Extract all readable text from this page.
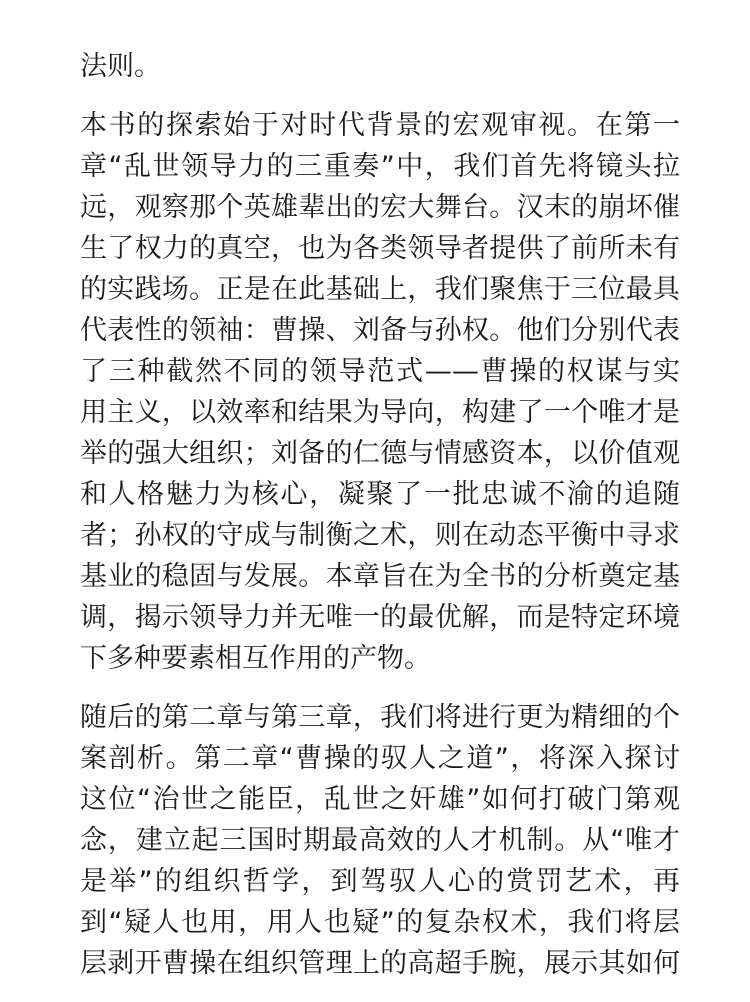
法则。
本书的探索始于对时代背景的宏观审视。在第一
章“乱世领导力的三重奏”中，我们首先将镜头拉
远，观察那个英雄辈出的宏大舞台。汉末的崩坏催
生了权力的真空，也为各类领导者提供了前所未有
的实践场。正是在此基础上，我们聚焦于三位最具
代表性的领袖：曹操、刘备与孙权。他们分别代表
了三种截然不同的领导范式——曹操的权谋与实
用主义，以效率和结果为导向，构建了一个唯才是
举的强大组织；刘备的仁德与情感资本，以价值观
和人格魅力为核心，凝聚了一批忠诚不渝的追随
者；孙权的守成与制衡之术，则在动态平衡中寻求
基业的稳固与发展。本章旨在为全书的分析奠定基
调，揭示领导力并无唯一的最优解，而是特定环境
下多种要素相互作用的产物。
随后的第二章与第三章，我们将进行更为精细的个
案剖析。第二章“曹操的驭人之道”，将深入探讨
这位“治世之能臣，乱世之奸雄”如何打破门第观
念，建立起三国时期最高效的人才机制。从“唯才
是举”的组织哲学，到驾驭人心的赏罚艺术，再
到“疑人也用，用人也疑”的复杂权术，我们将层
层剥开曹操在组织管理上的高超手腕，展示其如何
